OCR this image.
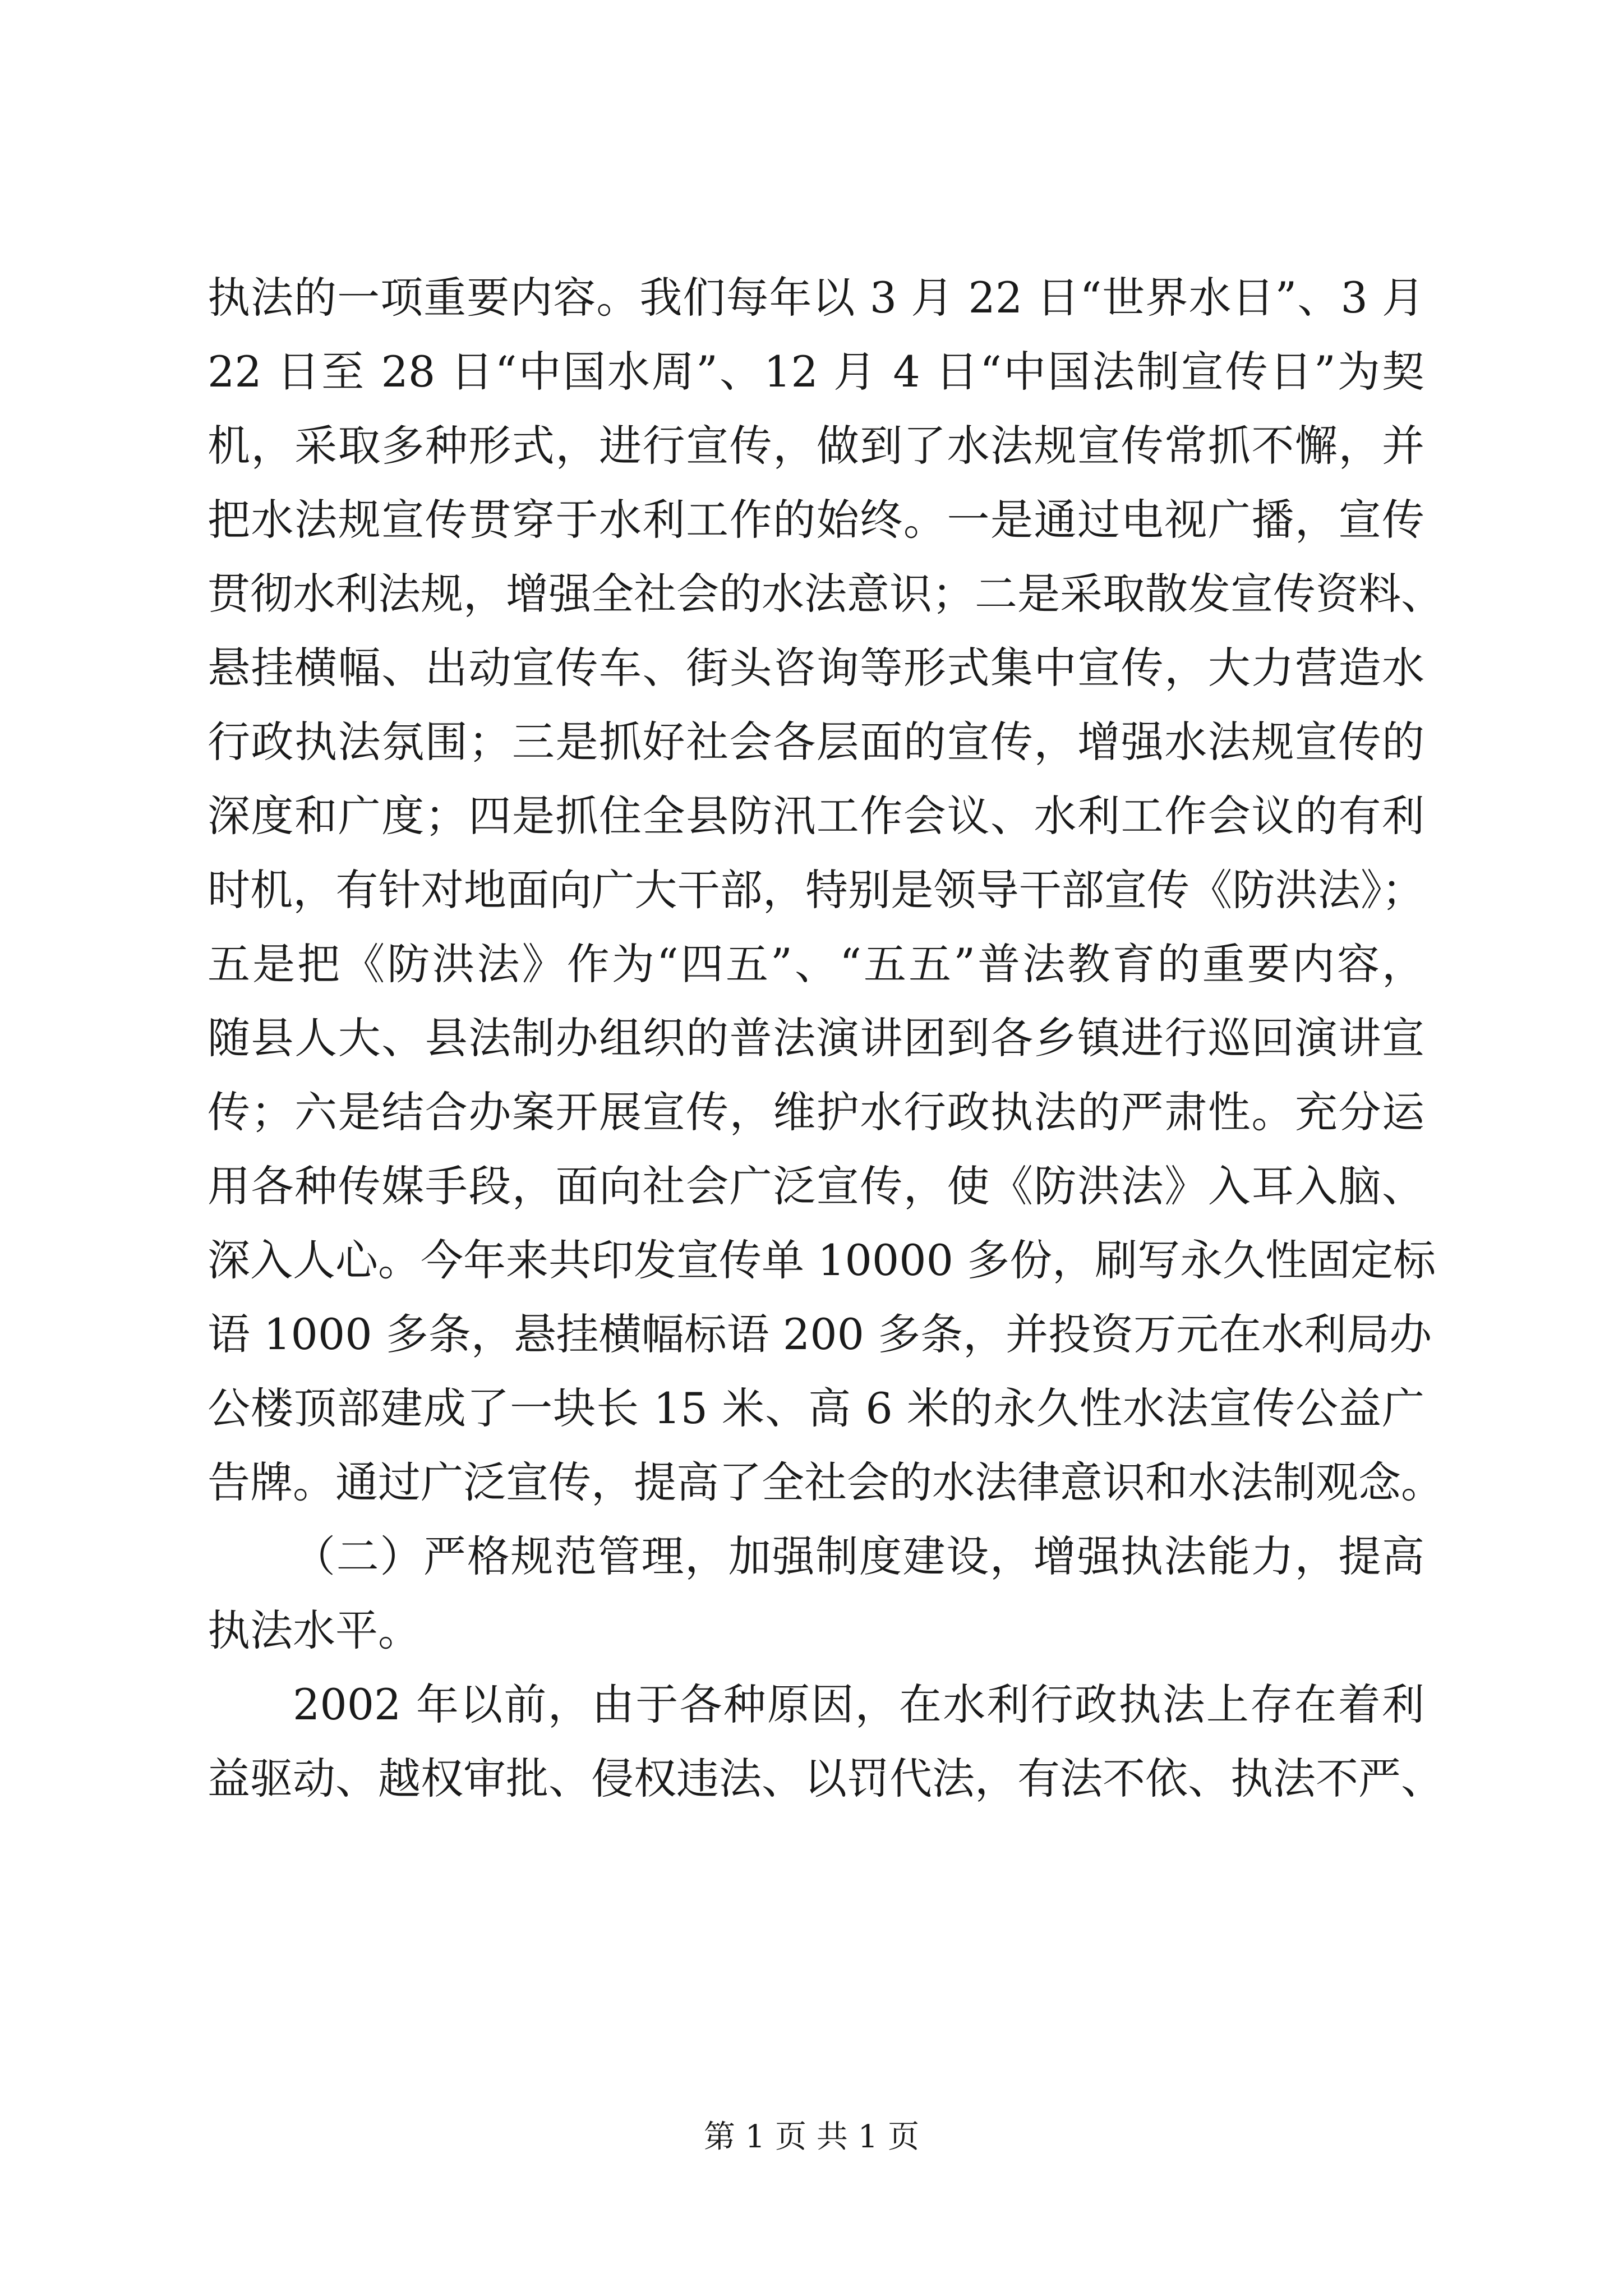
执法的一项重要内容。我们每年以 3 月 22 日“世界水日”、3 月
22 日至 28 日“中国水周”、12 月 4 日“中国法制宣传日”为契
机，采取多种形式，进行宣传，做到了水法规宣传常抓不懈，并
把水法规宣传贯穿于水利工作的始终。一是通过电视广播，宣传
贯彻水利法规，增强全社会的水法意识；二是采取散发宣传资料、
悬挂横幅、出动宣传车、街头咨询等形式集中宣传，大力营造水
行政执法氛围；三是抓好社会各层面的宣传，增强水法规宣传的
深度和广度；四是抓住全县防汛工作会议、水利工作会议的有利
时机，有针对地面向广大干部，特别是领导干部宣传《防洪法》；
五是把《防洪法》作为“四五”、“五五”普法教育的重要内容，
随县人大、县法制办组织的普法演讲团到各乡镇进行巡回演讲宣
传；六是结合办案开展宣传，维护水行政执法的严肃性。充分运
用各种传媒手段，面向社会广泛宣传，使《防洪法》入耳入脑、
深入人心。今年来共印发宣传单 10000 多份，刷写永久性固定标
语 1000 多条，悬挂横幅标语 200 多条，并投资万元在水利局办
公楼顶部建成了一块长 15 米、高 6 米的永久性水法宣传公益广
告牌。通过广泛宣传，提高了全社会的水法律意识和水法制观念。
（二）严格规范管理，加强制度建设，增强执法能力，提高
执法水平。
2002 年以前，由于各种原因，在水利行政执法上存在着利
益驱动、越权审批、侵权违法、以罚代法，有法不依、执法不严、
第 1 页 共 1 页
